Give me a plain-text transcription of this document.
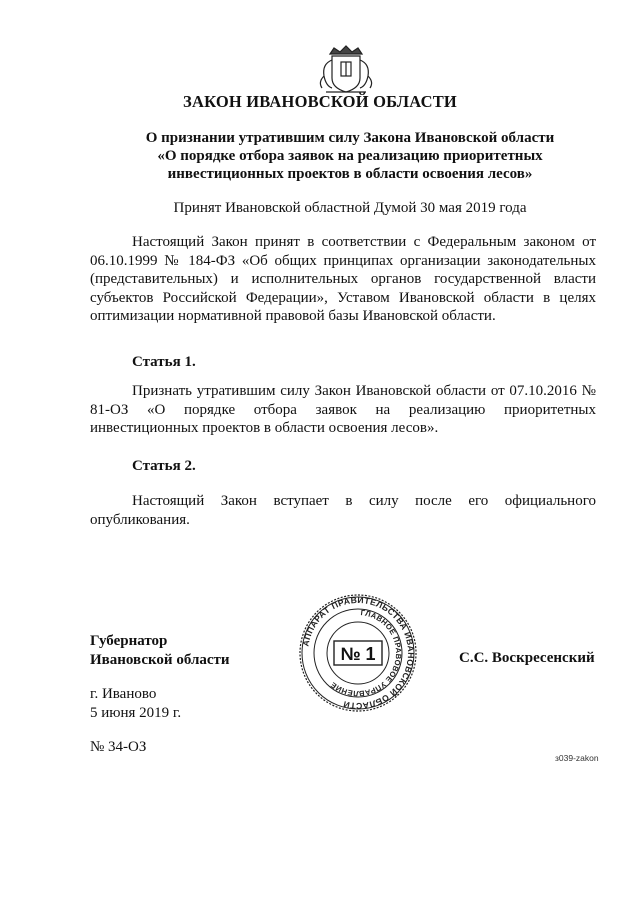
ЗАКОН ИВАНОВСКОЙ ОБЛАСТИ
О признании утратившим силу Закона Ивановской области
«О порядке отбора заявок на реализацию приоритетных
инвестиционных проектов в области освоения лесов»
Принят Ивановской областной Думой 30 мая 2019 года

Настоящий Закон принят в соответствии с Федеральным законом от 06.10.1999 № 184-ФЗ «Об общих принципах организации законодательных (представительных) и исполнительных органов государственной власти субъектов Российской Федерации», Уставом Ивановской области в целях оптимизации нормативной правовой базы Ивановской области.

Статья 1.

Признать утратившим силу Закон Ивановской области от 07.10.2016 № 81-ОЗ «О порядке отбора заявок на реализацию приоритетных инвестиционных проектов в области освоения лесов».

Статья 2.

Настоящий Закон вступает в силу после его официального опубликования.

Губернатор
Ивановской области
АППАРАТ ПРАВИТЕЛЬСТВА ИВАНОВСКОЙ ОБЛАСТИ
ГЛАВНОЕ ПРАВОВОЕ УПРАВЛЕНИЕ
№ 1	С.С. Воскресенский
г. Иваново
5 июня 2019 г.
№ 34-ОЗ
з039-zakon
